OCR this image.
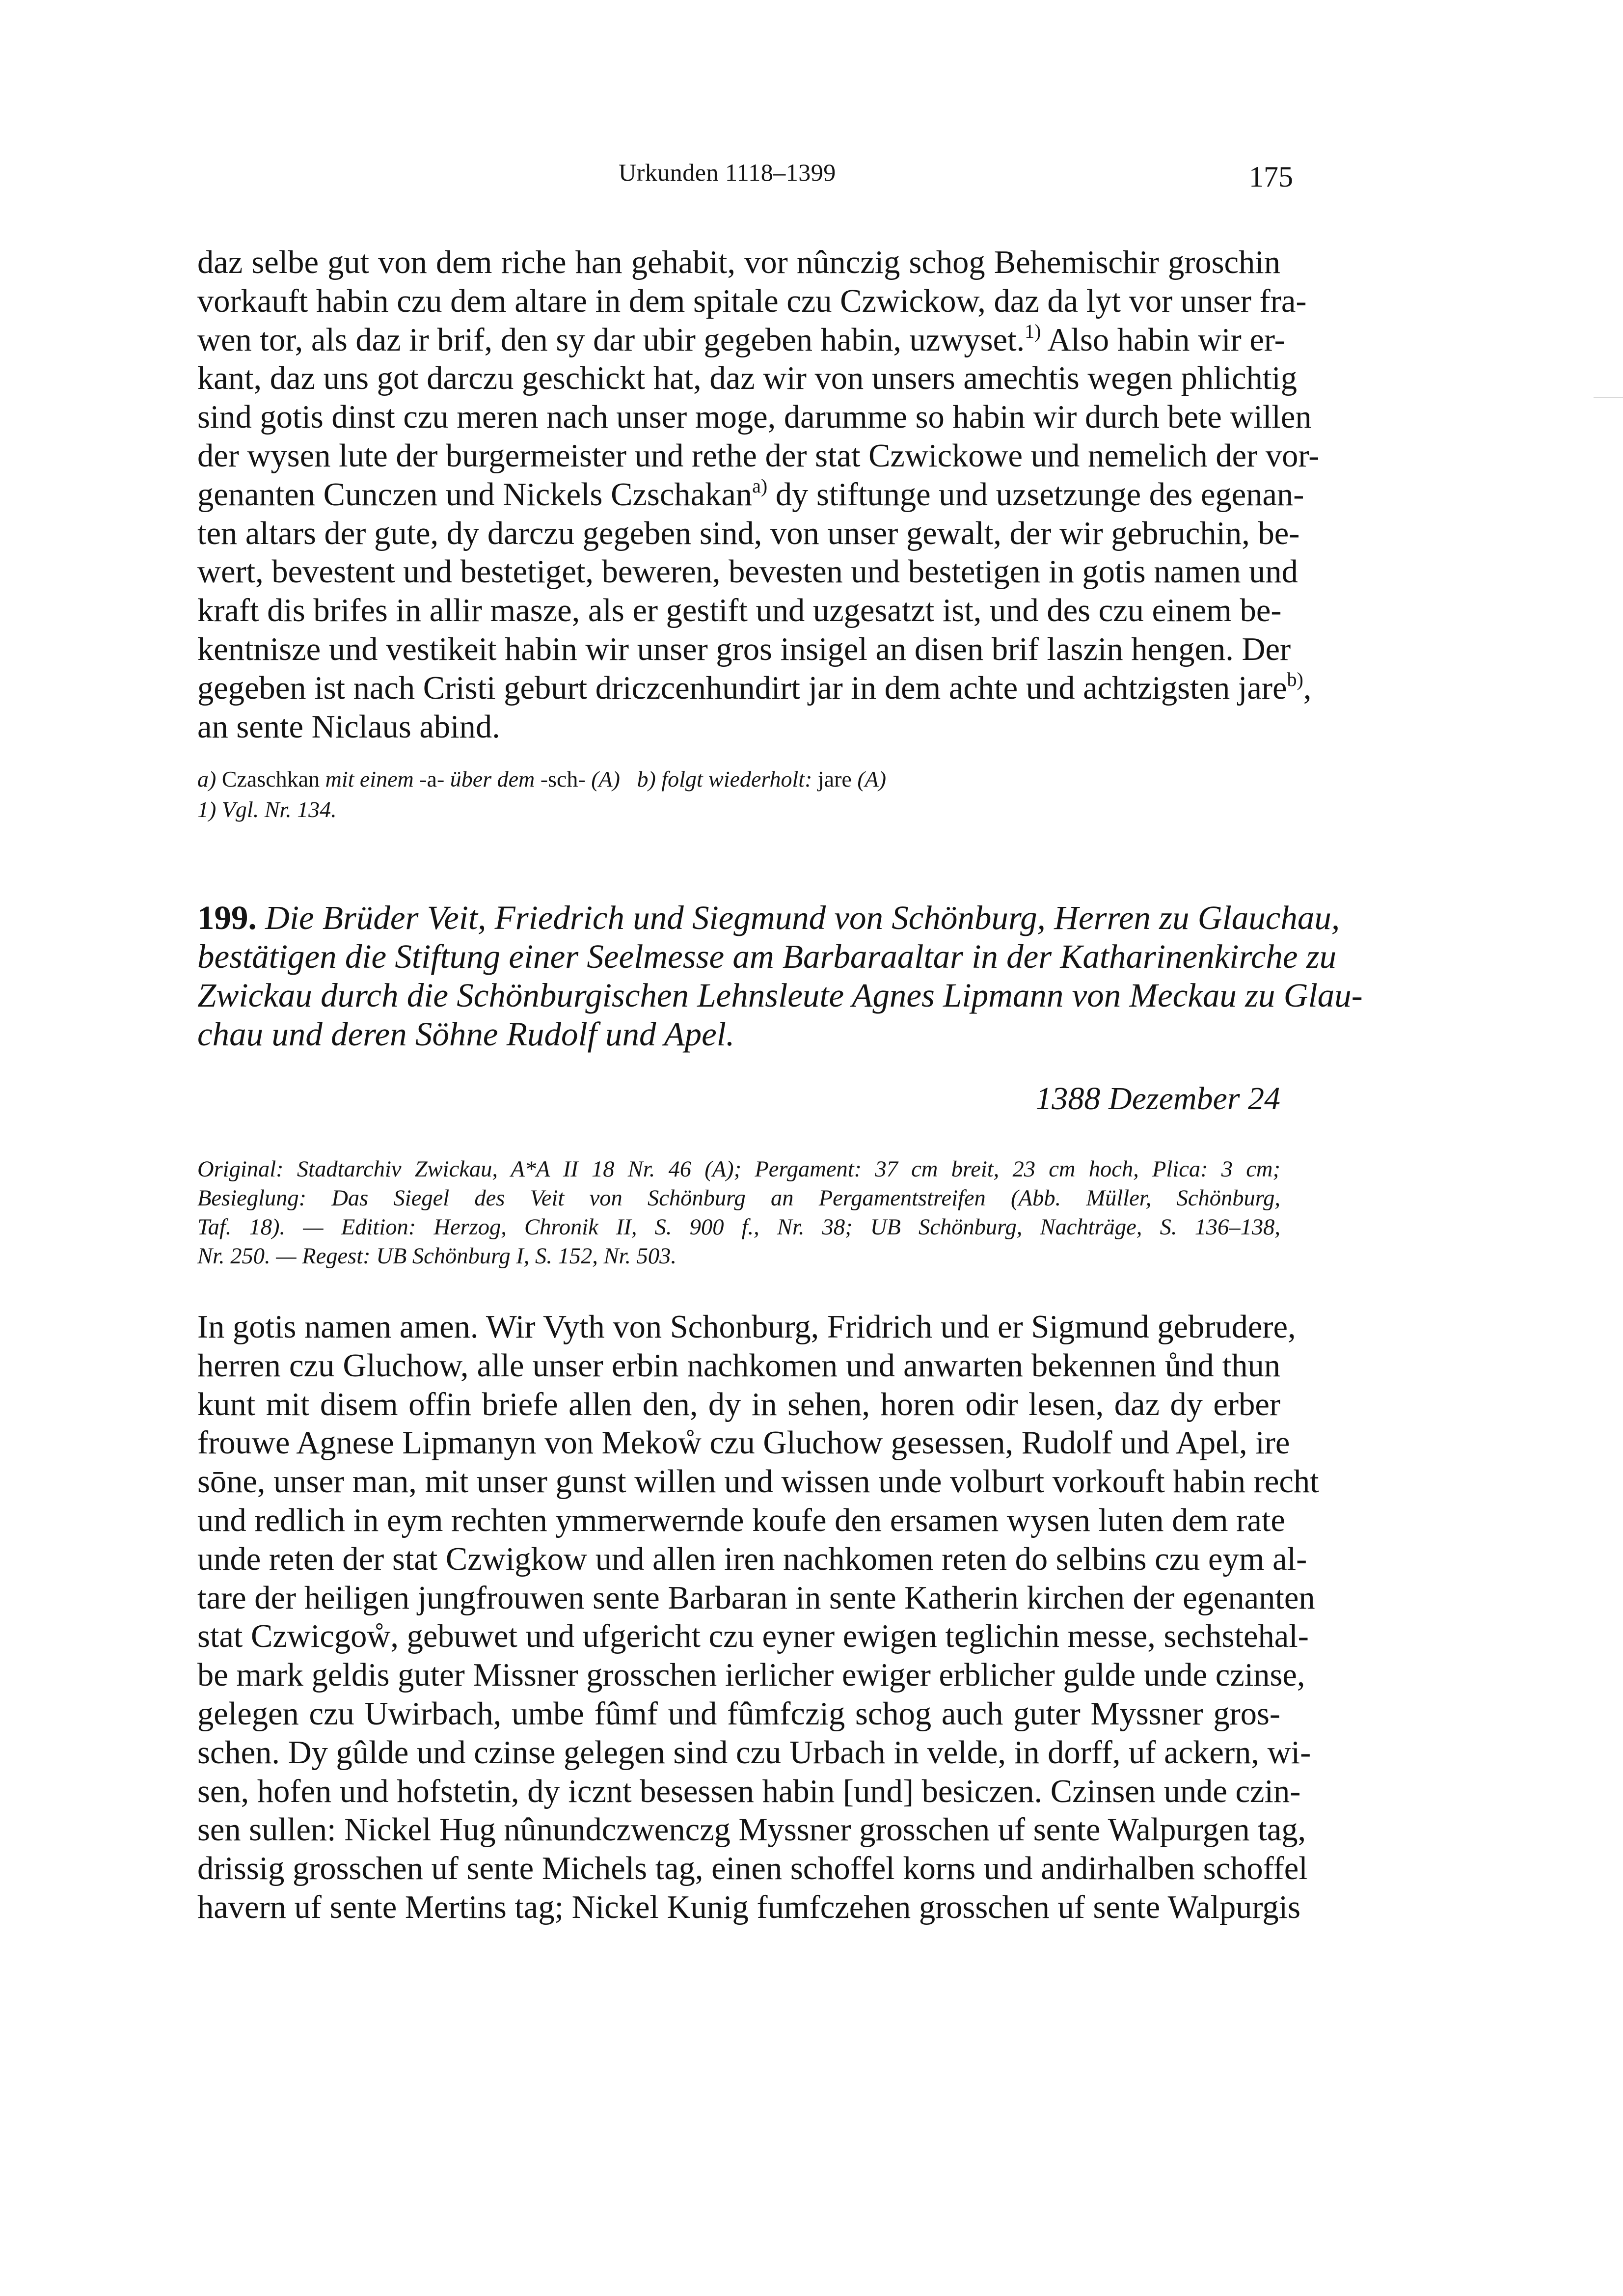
Urkunden 1118–1399	175

daz selbe gut von dem riche han gehabit, vor nûnczig schog Behemischir groschin
vorkauft habin czu dem altare in dem spitale czu Czwickow, daz da lyt vor unser fra-
wen tor, als daz ir brif, den sy dar ubir gegeben habin, uzwyset.$^{1)}$ Also habin wir er-
kant, daz uns got darczu geschickt hat, daz wir von unsers amechtis wegen phlichtig
sind gotis dinst czu meren nach unser moge, darumme so habin wir durch bete willen
der wysen lute der burgermeister und rethe der stat Czwickowe und nemelich der vor-
genanten Cunczen und Nickels Czschakan$^{a)}$ dy stiftunge und uzsetzunge des egenan-
ten altars der gute, dy darczu gegeben sind, von unser gewalt, der wir gebruchin, be-
wert, bevestent und bestetiget, beweren, bevesten und bestetigen in gotis namen und
kraft dis brifes in allir masze, als er gestift und uzgesatzt ist, und des czu einem be-
kentnisze und vestikeit habin wir unser gros insigel an disen brif laszin hengen. Der
gegeben ist nach Cristi geburt driczcenhundirt jar in dem achte und achtzigsten jare$^{b)}$,
an sente Niclaus abind.

a) Czaschkan mit einem -a- über dem -sch- (A) b) folgt wiederholt: jare (A)
1) Vgl. Nr. 134.

199. Die Brüder Veit, Friedrich und Siegmund von Schönburg, Herren zu Glauchau,
bestätigen die Stiftung einer Seelmesse am Barbaraaltar in der Katharinenkirche zu
Zwickau durch die Schönburgischen Lehnsleute Agnes Lipmann von Meckau zu Glau-
chau und deren Söhne Rudolf und Apel.

1388 Dezember 24

Original: Stadtarchiv Zwickau, A*A II 18 Nr. 46 (A); Pergament: 37 cm breit, 23 cm hoch, Plica: 3 cm;
Besieglung: Das Siegel des Veit von Schönburg an Pergamentstreifen (Abb. Müller, Schönburg,
Taf. 18). — Edition: Herzog, Chronik II, S. 900 f., Nr. 38; UB Schönburg, Nachträge, S. 136–138,
Nr. 250. — Regest: UB Schönburg I, S. 152, Nr. 503.

In gotis namen amen. Wir Vyth von Schonburg, Fridrich und er Sigmund gebrudere,
herren czu Gluchow, alle unser erbin nachkomen und anwarten bekennen ůnd thun
kunt mit disem offin briefe allen den, dy in sehen, horen odir lesen, daz dy erber
frouwe Agnese Lipmanyn von Mekoẘ czu Gluchow gesessen, Rudolf und Apel, ire
sōne, unser man, mit unser gunst willen und wissen unde volburt vorkouft habin recht
und redlich in eym rechten ymmerwernde koufe den ersamen wysen luten dem rate
unde reten der stat Czwigkow und allen iren nachkomen reten do selbins czu eym al-
tare der heiligen jungfrouwen sente Barbaran in sente Katherin kirchen der egenanten
stat Czwicgoẘ, gebuwet und ufgericht czu eyner ewigen teglichin messe, sechstehal-
be mark geldis guter Missner grosschen ierlicher ewiger erblicher gulde unde czinse,
gelegen czu Uwirbach, umbe fûmf und fûmfczig schog auch guter Myssner gros-
schen. Dy gûlde und czinse gelegen sind czu Urbach in velde, in dorff, uf ackern, wi-
sen, hofen und hofstetin, dy icznt besessen habin [und] besiczen. Czinsen unde czin-
sen sullen: Nickel Hug nûnundczwenczg Myssner grosschen uf sente Walpurgen tag,
drissig grosschen uf sente Michels tag, einen schoffel korns und andirhalben schoffel
havern uf sente Mertins tag; Nickel Kunig fumfczehen grosschen uf sente Walpurgis
